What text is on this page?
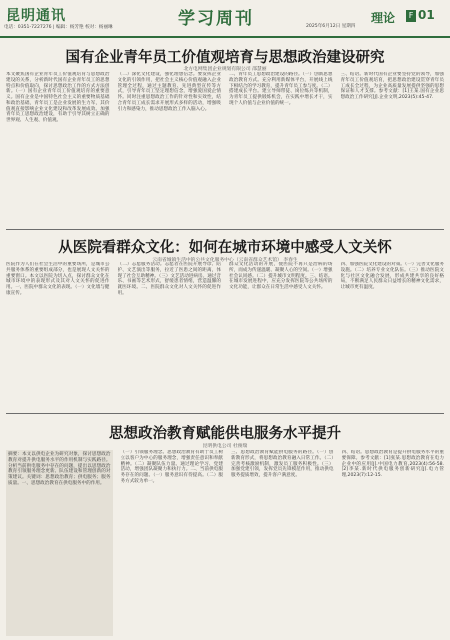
昆明通讯
电话：0351-7227276 | 编辑：杨芳艳 校对：杨丽琳	学习周刊	2025年6月12日 星期四
理论	F 01
国有企业青年员工价值观培育与思想政治建设研究
北方电网集团企业规划有限公司 邵慧丽
本文聚焦国有企业青年员工价值观培育与思想政治建设的关系，分析新时代国有企业青年员工的思想特点和价值取向，探讨思想政治工作的方式方法创新。（一）国有企业青年员工价值观培育的重要意义。国有企业是中国特色社会主义的重要物质基础和政治基础，青年员工是企业发展的生力军，其价值观直接影响企业文化建设和改革发展成效。加强青年员工思想政治建设，有助于引导其树立正确的世界观、人生观、价值观。
（二）深化文化建设，强化理想信念。要发挥企业文化的引领作用，把社会主义核心价值观融入企业管理全过程，通过主题教育、先进典型宣传等方式，引导青年员工坚定理想信念，增强爱国爱企情怀。同时注重思想政治工作的针对性和实效性，结合青年员工成长需求开展形式多样的活动，增强吸引力和感染力，推动思想政治工作入脑入心。
二、青年员工思想政治建设的路径。（一）创新思想政治教育方式。充分利用新媒体平台，开展线上线下相结合的学习教育，提升青年员工参与度。（二）搭建成长平台。建立导师带徒、岗位练兵等机制，为青年员工提供锻炼机会，在实践中增长才干，实现个人价值与企业价值的统一。
三、结语。新时代国有企业要坚持党的领导，加强青年员工价值观培育，把思想政治建设贯穿青年员工成长全过程，为企业高质量发展提供坚强的思想保证和人才支撑。参考文献：[1]王某.国有企业思想政治工作研究[J].企业文明,2023(5):45-47.
从医院看群众文化：如何在城市环境中感受人文关怀
云南省城镇生活中的公共文化服务中心（云南省群众艺术馆） 李春生
医院作为人们在社会生活中的重要场所，是城市公共服务体系的重要组成部分，也是展现人文关怀的重要窗口。本文以医院为切入点，探讨群众文化在城市环境中的表现形式及其对人文关怀的促进作用。一、医院中群众文化的表现。（一）文化墙与健康宣传。
（二）志愿服务活动。志愿者在医院开展导诊、陪护、文艺演出等服务，拉近了医患之间的距离，体现了社会互助精神。（三）文艺活动进病房。通过音乐、书画等艺术形式，舒缓患者情绪，营造温馨的就医环境。二、医院群众文化对人文关怀的促进作用。
群众文化活动的开展，使医院不再只是治病的场所，而成为传递温暖、凝聚人心的空间。（一）增强社会认同感。（二）提升城市文明程度。三、结语。在城市发展进程中，应充分发挥医院等公共场所的文化功能，让群众在日常生活中感受人文关怀。
四、加强医院文化建设的对策。（一）完善文化服务设施。（二）培养专业文化队伍。（三）推动医院文化与社区文化融合发展，形成共建共享的良好格局，不断满足人民群众日益增长的精神文化需求，让城市更有温度。
思想政治教育赋能供电服务水平提升
昆明供电公司 杜俊瑞
摘要：本文以供电企业为研究对象，探讨思想政治教育对提升供电服务水平的作用机制与实践路径。分析当前供电服务中存在的问题，提出以思想政治教育引领服务理念更新、队伍建设和管理创新的对策建议。关键词：思想政治教育；供电服务；服务质量。一、思想政治教育在供电服务中的作用。
（一）引领服务理念。思想政治教育有助于员工树立以客户为中心的服务理念，增强责任意识和奉献精神。（二）凝聚队伍力量。通过理论学习、党建活动，增强团队凝聚力和执行力。二、当前供电服务存在的问题。（一）服务意识有待提高。（二）服务方式较为单一。
三、思想政治教育赋能供电服务的路径。（一）创新教育形式，将思想政治教育融入日常工作。（二）完善考核激励机制，激发员工服务积极性。（三）加强党建引领，发挥党员先锋模范作用，推动供电服务提质增效，提升客户满意度。
四、结语。思想政治教育是提升供电服务水平的重要保障。参考文献：[1]张某.思想政治教育在电力企业中的应用[J].中国电力教育,2023(4):56-58. [2]李某.新时代供电服务创新研究[J].电力管理,2023(7):12-15.
